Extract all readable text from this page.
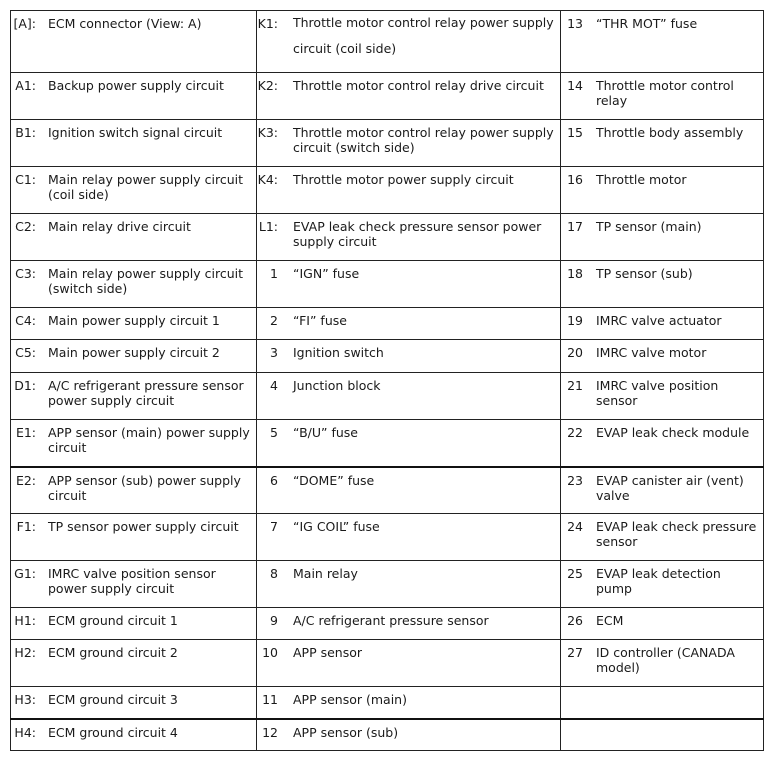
[A]: ECM connector (View: A)	K1: Throttle motor control relay power supply circuit (coil side)	13 “THR MOT” fuse

A1: Backup power supply circuit	K2: Throttle motor control relay drive circuit	14 Throttle motor control relay

B1: Ignition switch signal circuit	K3: Throttle motor control relay power supply circuit (switch side)	15 Throttle body assembly

C1: Main relay power supply circuit (coil side)	K4: Throttle motor power supply circuit	16 Throttle motor

C2: Main relay drive circuit	L1: EVAP leak check pressure sensor power supply circuit	17 TP sensor (main)

C3: Main relay power supply circuit (switch side)	1 “IGN” fuse	18 TP sensor (sub)

C4: Main power supply circuit 1	2 “FI” fuse	19 IMRC valve actuator

C5: Main power supply circuit 2	3 Ignition switch	20 IMRC valve motor

D1: A/C refrigerant pressure sensor power supply circuit	4 Junction block	21 IMRC valve position sensor

E1: APP sensor (main) power supply circuit	5 “B/U” fuse	22 EVAP leak check module

E2: APP sensor (sub) power supply circuit	6 “DOME” fuse	23 EVAP canister air (vent) valve

F1: TP sensor power supply circuit	7 “IG COIL” fuse	24 EVAP leak check pressure sensor

G1: IMRC valve position sensor power supply circuit	8 Main relay	25 EVAP leak detection pump

H1: ECM ground circuit 1	9 A/C refrigerant pressure sensor	26 ECM

H2: ECM ground circuit 2	10 APP sensor	27 ID controller (CANADA model)

H3: ECM ground circuit 3	11 APP sensor (main)	

H4: ECM ground circuit 4	12 APP sensor (sub)	
